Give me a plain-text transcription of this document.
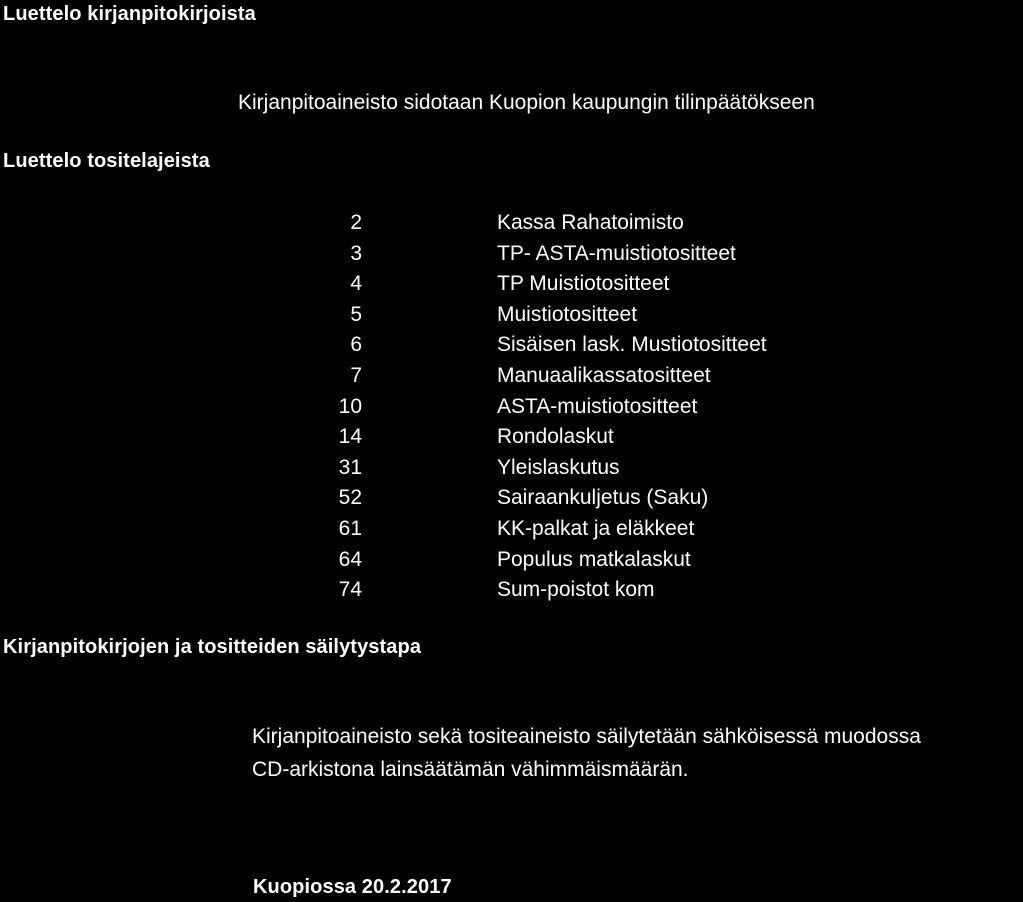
Luettelo kirjanpitokirjoista
Kirjanpitoaineisto sidotaan Kuopion kaupungin tilinpäätökseen
Luettelo tositelajeista
2	Kassa Rahatoimisto
3	TP- ASTA-muistiotositteet
4	TP Muistiotositteet
5	Muistiotositteet
6	Sisäisen lask. Mustiotositteet
7	Manuaalikassatositteet
10	ASTA-muistiotositteet
14	Rondolaskut
31	Yleislaskutus
52	Sairaankuljetus (Saku)
61	KK-palkat ja eläkkeet
64	Populus matkalaskut
74	Sum-poistot kom
Kirjanpitokirjojen ja tositteiden säilytystapa
Kirjanpitoaineisto sekä tositeaineisto säilytetään sähköisessä muodossa
CD-arkistona lainsäätämän vähimmäismäärän.
Kuopiossa 20.2.2017
